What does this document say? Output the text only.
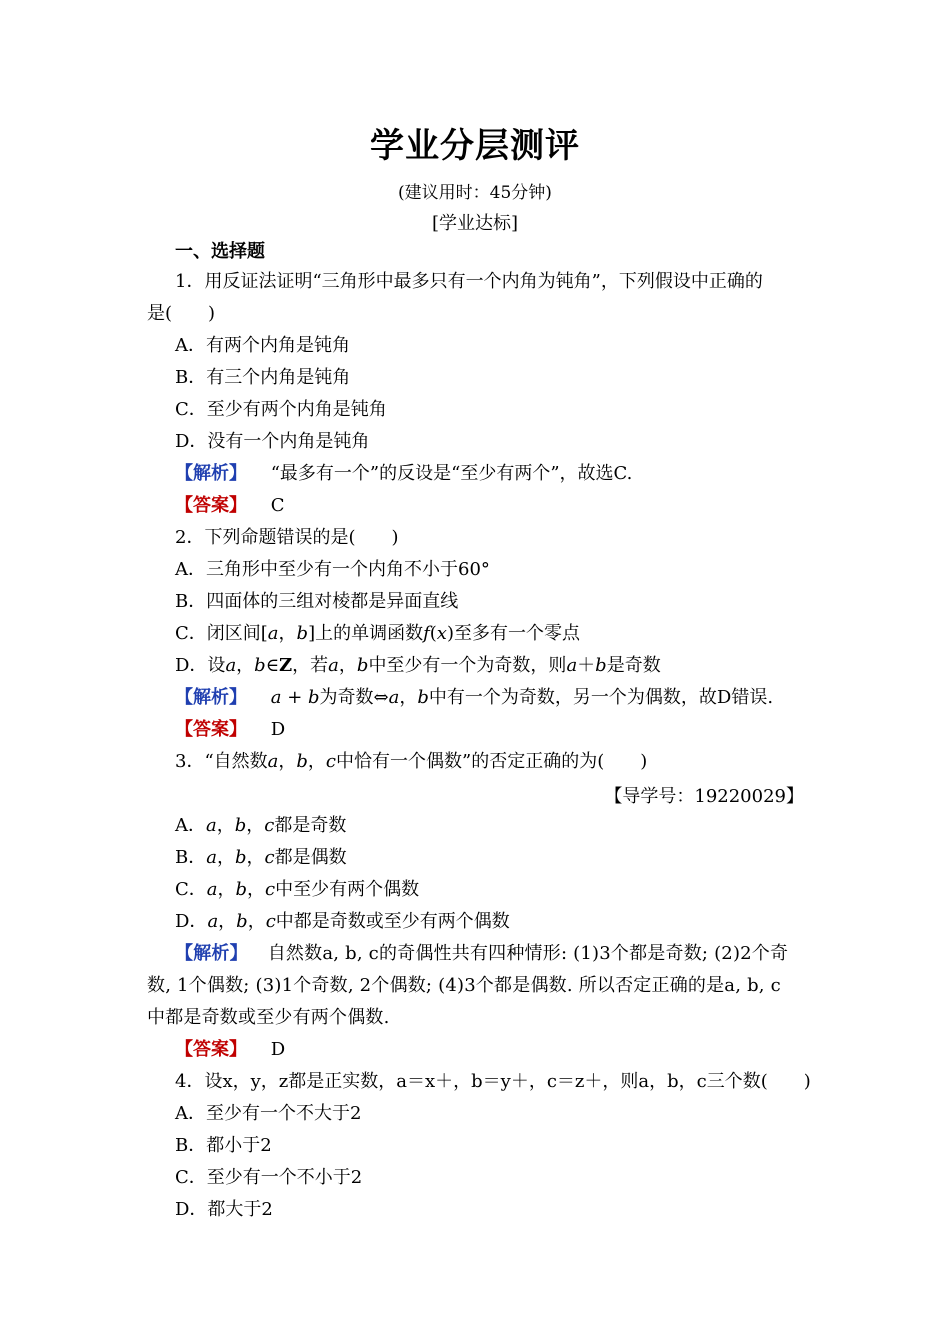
学业分层测评
(建议用时：45分钟)
[学业达标]
一、选择题
1．用反证法证明“三角形中最多只有一个内角为钝角”，下列假设中正确的
是(　　)
A．有两个内角是钝角
B．有三个内角是钝角
C．至少有两个内角是钝角
D．没有一个内角是钝角
【解析】 “最多有一个”的反设是“至少有两个”，故选C.
【答案】 C
2．下列命题错误的是(　　)
A．三角形中至少有一个内角不小于60°
B．四面体的三组对棱都是异面直线
C．闭区间[a，b]上的单调函数f(x)至多有一个零点
D．设a，b∈Z，若a，b中至少有一个为奇数，则a＋b是奇数
【解析】 a + b为奇数⇔a，b中有一个为奇数，另一个为偶数，故D错误.
【答案】 D
3．“自然数a，b，c中恰有一个偶数”的否定正确的为(　　)
【导学号：19220029】
A．a，b，c都是奇数
B．a，b，c都是偶数
C．a，b，c中至少有两个偶数
D．a，b，c中都是奇数或至少有两个偶数
【解析】 自然数a, b, c的奇偶性共有四种情形: (1)3个都是奇数; (2)2个奇
数, 1个偶数; (3)1个奇数, 2个偶数; (4)3个都是偶数. 所以否定正确的是a, b, c
中都是奇数或至少有两个偶数.
【答案】 D
4．设x，y，z都是正实数，a＝x＋，b＝y＋，c＝z＋，则a，b，c三个数(　　)
A．至少有一个不大于2
B．都小于2
C．至少有一个不小于2
D．都大于2
